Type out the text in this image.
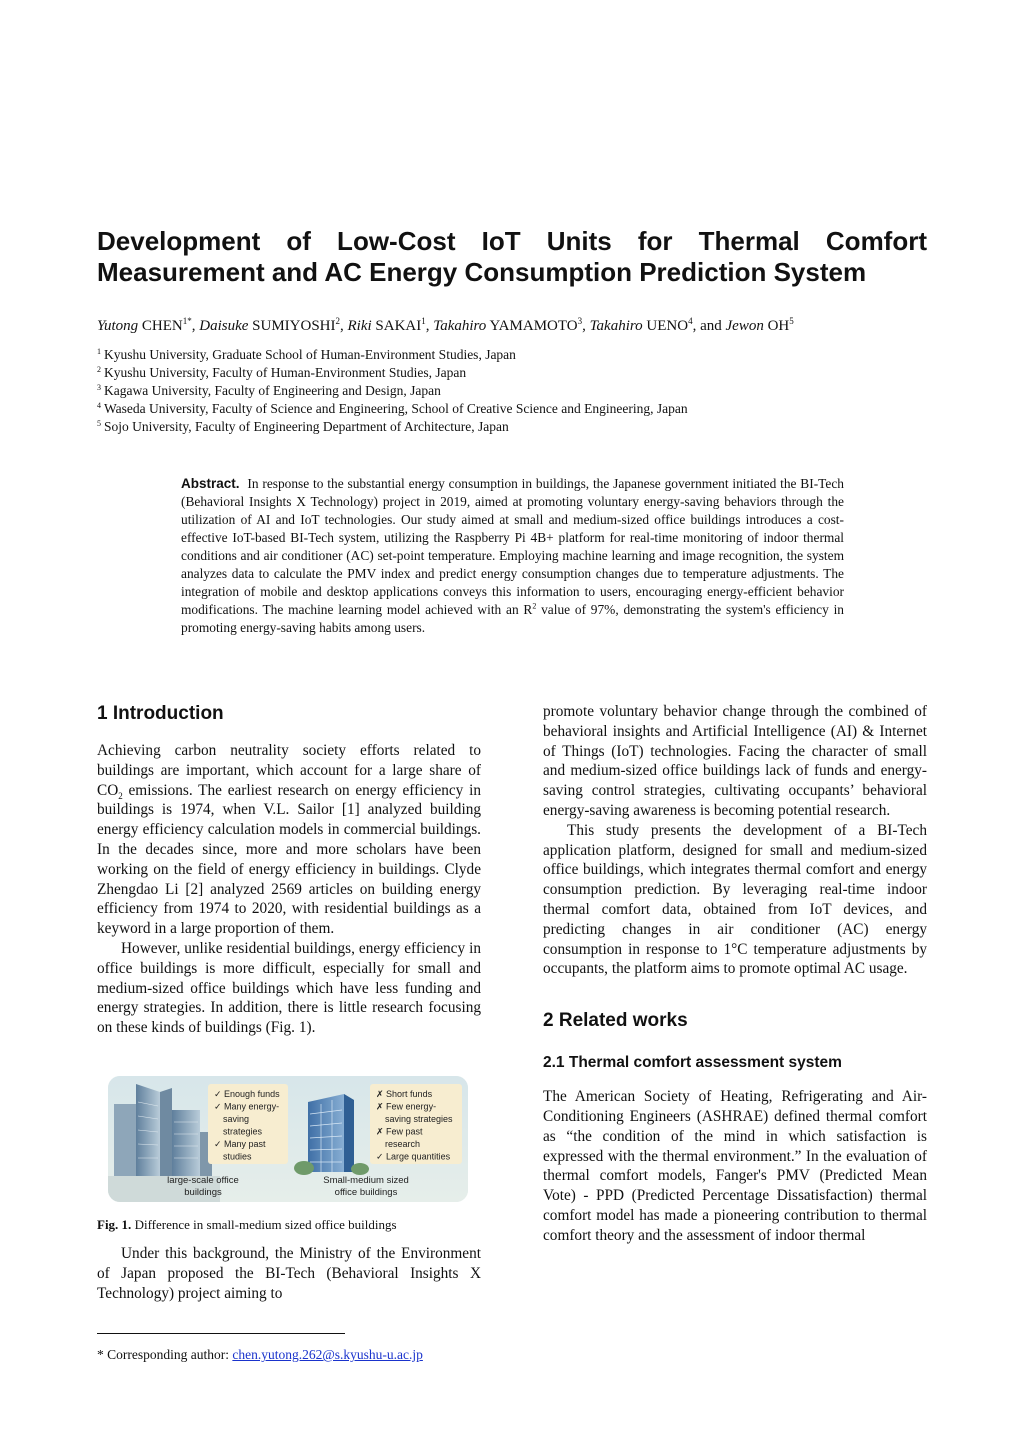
Development of Low-Cost IoT Units for Thermal Comfort
Measurement and AC Energy Consumption Prediction System
Yutong $CHEN^{1*}$, Daisuke SUMIYOSHI$^2$, Riki SAKAI$^1$, Takahiro YAMAMOTO$^3$, Takahiro UENO$^4$, and Jewon $OH^5$
$^1$ Kyushu University, Graduate School of Human-Environment Studies, Japan
$^2$ Kyushu University, Faculty of Human-Environment Studies, Japan
$^3$ Kagawa University, Faculty of Engineering and Design, Japan
$^4$ Waseda University, Faculty of Science and Engineering, School of Creative Science and Engineering, Japan
$^5$ Sojo University, Faculty of Engineering Department of Architecture, Japan

Abstract. In response to the substantial energy consumption in buildings, the Japanese government initiated the BI-Tech (Behavioral Insights X Technology) project in 2019, aimed at promoting voluntary energy-saving behaviors through the utilization of AI and IoT technologies. Our study aimed at small and medium-sized office buildings introduces a cost-effective IoT-based BI-Tech system, utilizing the Raspberry Pi 4B+ platform for real-time monitoring of indoor thermal conditions and air conditioner (AC) set-point temperature. Employing machine learning and image recognition, the system analyzes data to calculate the PMV index and predict energy consumption changes due to temperature adjustments. The integration of mobile and desktop applications conveys this information to users, encouraging energy-efficient behavior modifications. The machine learning model achieved with an $R^2$ value of 97%, demonstrating the system's efficiency in promoting energy-saving habits among users.

1 Introduction

Achieving carbon neutrality society efforts related to buildings are important, which account for a large share of $CO_2$ emissions. The earliest research on energy efficiency in buildings is 1974, when V.L. Sailor [1] analyzed building energy efficiency calculation models in commercial buildings. In the decades since, more and more scholars have been working on the field of energy efficiency in buildings. Clyde Zhengdao Li [2] analyzed 2569 articles on building energy efficiency from 1974 to 2020, with residential buildings as a keyword in a large proportion of them.

However, unlike residential buildings, energy efficiency in office buildings is more difficult, especially for small and medium-sized office buildings which have less funding and energy strategies. In addition, there is little research focusing on these kinds of buildings (Fig. 1).

✓ Enough funds
✓ Many energy-
saving
strategies
✓ Many past
studies
large-scale office
buildings
✗ Short funds
✗ Few energy-
saving strategies
✗ Few past
research
✓ Large quantities
Small-medium sized
office buildings
Fig. 1. Difference in small-medium sized office buildings

Under this background, the Ministry of the Environment of Japan proposed the BI-Tech (Behavioral Insights X Technology) project aiming to

promote voluntary behavior change through the combined of behavioral insights and Artificial Intelligence (AI) & Internet of Things (IoT) technologies. Facing the character of small and medium-sized office buildings lack of funds and energy-saving control strategies, cultivating occupants’ behavioral energy-saving awareness is becoming potential research.

This study presents the development of a BI-Tech application platform, designed for small and medium-sized office buildings, which integrates thermal comfort and energy consumption prediction. By leveraging real-time indoor thermal comfort data, obtained from IoT devices, and predicting changes in air conditioner (AC) energy consumption in response to 1°C temperature adjustments by occupants, the platform aims to promote optimal AC usage.

2 Related works
2.1 Thermal comfort assessment system

The American Society of Heating, Refrigerating and Air-Conditioning Engineers (ASHRAE) defined thermal comfort as “the condition of the mind in which satisfaction is expressed with the thermal environment.” In the evaluation of thermal comfort models, Fanger's PMV (Predicted Mean Vote) - PPD (Predicted Percentage Dissatisfaction) thermal comfort model has made a pioneering contribution to thermal comfort theory and the assessment of indoor thermal

* Corresponding author: chen.yutong.262@s.kyushu-u.ac.jp
